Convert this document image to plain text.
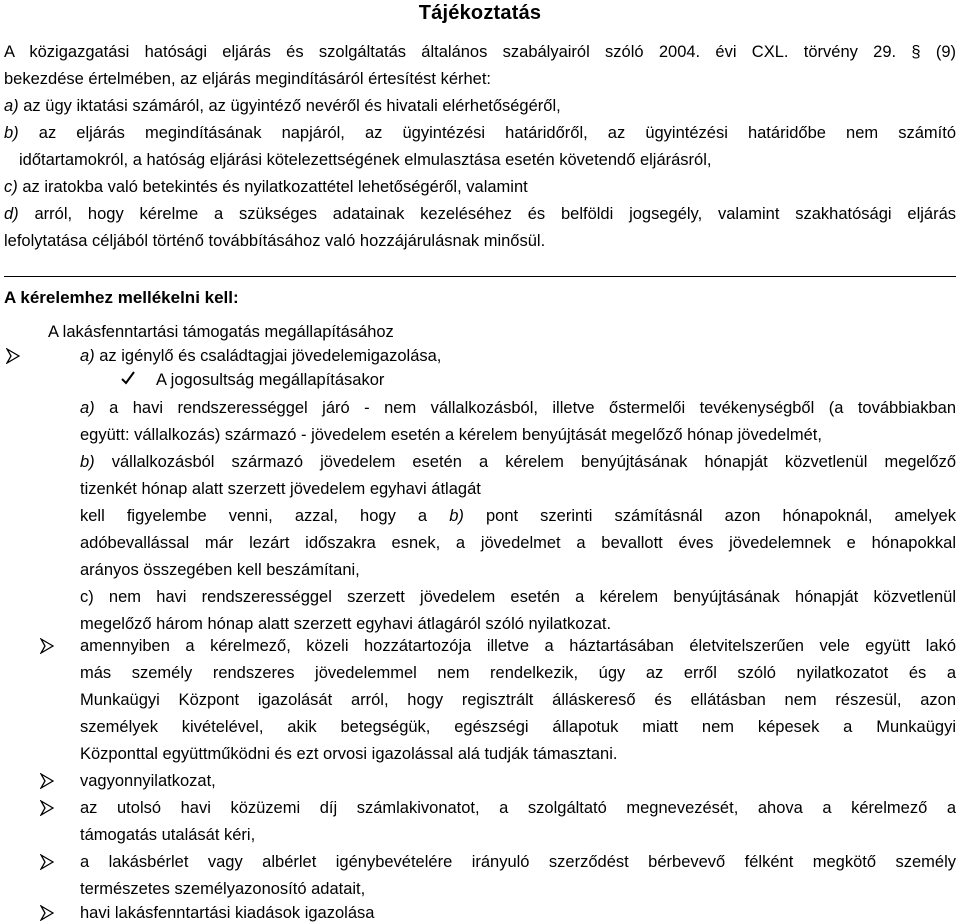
Tájékoztatás
A közigazgatási hatósági eljárás és szolgáltatás általános szabályairól szóló 2004. évi CXL. törvény 29. § (9)
bekezdése értelmében, az eljárás megindításáról értesítést kérhet:
a) az ügy iktatási számáról, az ügyintéző nevéről és hivatali elérhetőségéről,
b) az eljárás megindításának napjáról, az ügyintézési határidőről, az ügyintézési határidőbe nem számító
időtartamokról, a hatóság eljárási kötelezettségének elmulasztása esetén követendő eljárásról,
c) az iratokba való betekintés és nyilatkozattétel lehetőségéről, valamint
d) arról, hogy kérelme a szükséges adatainak kezeléséhez és belföldi jogsegély, valamint szakhatósági eljárás
lefolytatása céljából történő továbbításához való hozzájárulásnak minősül.
A kérelemhez mellékelni kell:
A lakásfenntartási támogatás megállapításához
a) az igénylő és családtagjai jövedelemigazolása,
A jogosultság megállapításakor
a) a havi rendszerességgel járó - nem vállalkozásból, illetve őstermelői tevékenységből (a továbbiakban
együtt: vállalkozás) származó - jövedelem esetén a kérelem benyújtását megelőző hónap jövedelmét,
b) vállalkozásból származó jövedelem esetén a kérelem benyújtásának hónapját közvetlenül megelőző
tizenkét hónap alatt szerzett jövedelem egyhavi átlagát
kell figyelembe venni, azzal, hogy a b) pont szerinti számításnál azon hónapoknál, amelyek
adóbevallással már lezárt időszakra esnek, a jövedelmet a bevallott éves jövedelemnek e hónapokkal
arányos összegében kell beszámítani,
c) nem havi rendszerességgel szerzett jövedelem esetén a kérelem benyújtásának hónapját közvetlenül
megelőző három hónap alatt szerzett egyhavi átlagáról szóló nyilatkozat.
amennyiben a kérelmező, közeli hozzátartozója illetve a háztartásában életvitelszerűen vele együtt lakó
más személy rendszeres jövedelemmel nem rendelkezik, úgy az erről szóló nyilatkozatot és a
Munkaügyi Központ igazolását arról, hogy regisztrált álláskereső és ellátásban nem részesül, azon
személyek kivételével, akik betegségük, egészségi állapotuk miatt nem képesek a Munkaügyi
Központtal együttműködni és ezt orvosi igazolással alá tudják támasztani.
vagyonnyilatkozat,
az utolsó havi közüzemi díj számlakivonatot, a szolgáltató megnevezését, ahova a kérelmező a
támogatás utalását kéri,
a lakásbérlet vagy albérlet igénybevételére irányuló szerződést bérbevevő félként megkötő személy
természetes személyazonosító adatait,
havi lakásfenntartási kiadások igazolása
